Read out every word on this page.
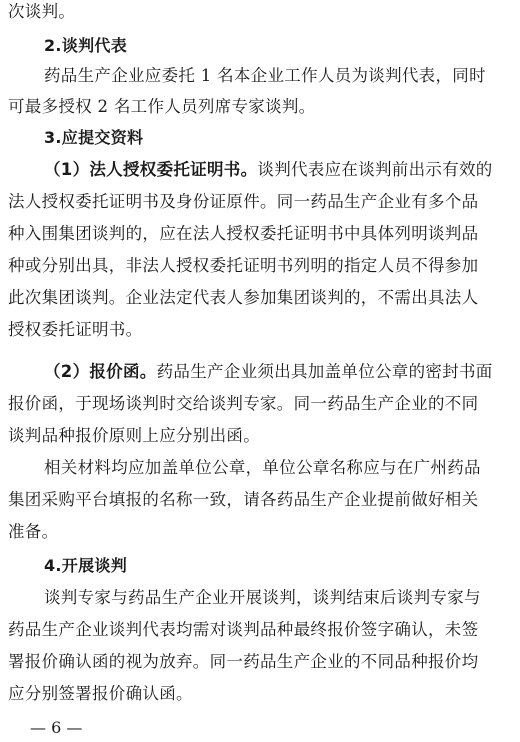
次谈判。
2.谈判代表
药品生产企业应委托 1 名本企业工作人员为谈判代表，同时
可最多授权 2 名工作人员列席专家谈判。
3.应提交资料
（1）法人授权委托证明书。谈判代表应在谈判前出示有效的
法人授权委托证明书及身份证原件。同一药品生产企业有多个品
种入围集团谈判的，应在法人授权委托证明书中具体列明谈判品
种或分别出具，非法人授权委托证明书列明的指定人员不得参加
此次集团谈判。企业法定代表人参加集团谈判的，不需出具法人
授权委托证明书。
（2）报价函。药品生产企业须出具加盖单位公章的密封书面
报价函，于现场谈判时交给谈判专家。同一药品生产企业的不同
谈判品种报价原则上应分别出函。
相关材料均应加盖单位公章，单位公章名称应与在广州药品
集团采购平台填报的名称一致，请各药品生产企业提前做好相关
准备。
4.开展谈判
谈判专家与药品生产企业开展谈判，谈判结束后谈判专家与
药品生产企业谈判代表均需对谈判品种最终报价签字确认，未签
署报价确认函的视为放弃。同一药品生产企业的不同品种报价均
应分别签署报价确认函。
— 6 —
